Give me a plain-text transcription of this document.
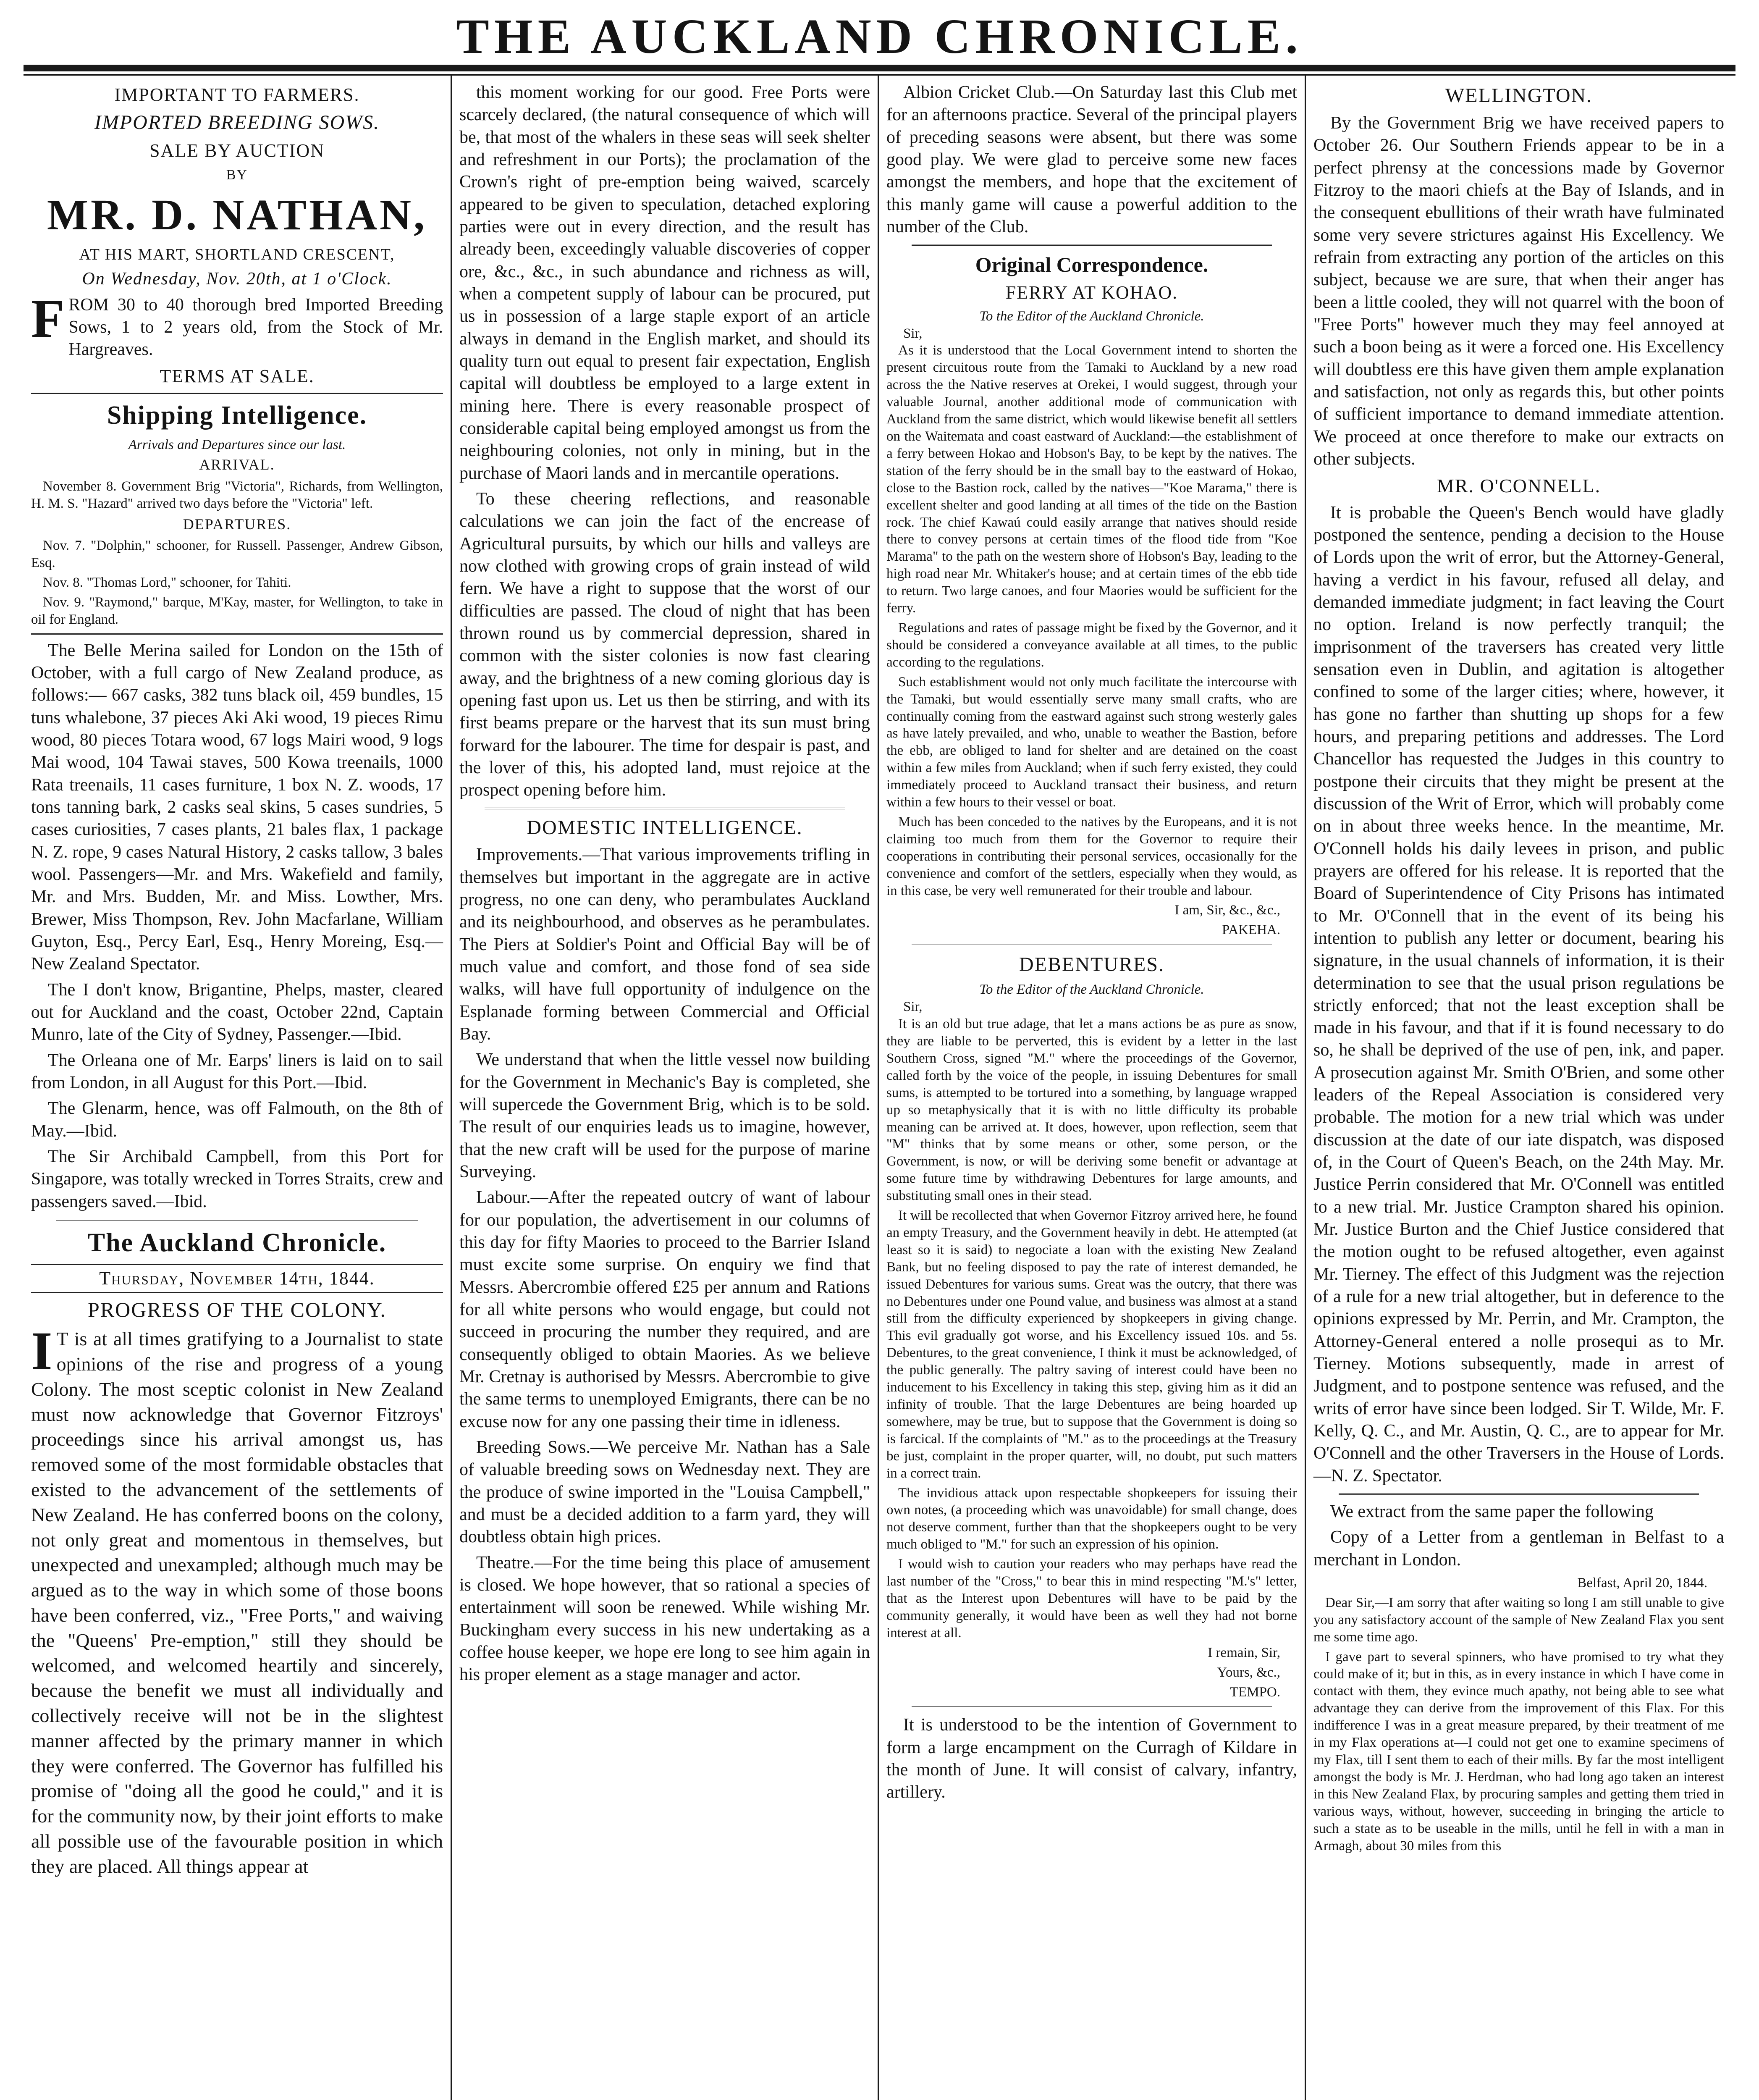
THE AUCKLAND CHRONICLE.
IMPORTANT TO FARMERS.
IMPORTED BREEDING SOWS.
SALE BY AUCTION
BY
MR. D. NATHAN,
AT HIS MART, SHORTLAND CRESCENT,
On Wednesday, Nov. 20th, at 1 o'Clock.

FROM 30 to 40 thorough bred Imported Breeding Sows, 1 to 2 years old, from the Stock of Mr. Hargreaves.

TERMS AT SALE.
Shipping Intelligence.
Arrivals and Departures since our last.
ARRIVAL.

November 8. Government Brig "Victoria", Richards, from Wellington, H. M. S. "Hazard" arrived two days before the "Victoria" left.

DEPARTURES.

Nov. 7. "Dolphin," schooner, for Russell. Passenger, Andrew Gibson, Esq.

Nov. 8. "Thomas Lord," schooner, for Tahiti.

Nov. 9. "Raymond," barque, M'Kay, master, for Wellington, to take in oil for England.

The Belle Merina sailed for London on the 15th of October, with a full cargo of New Zealand produce, as follows:— 667 casks, 382 tuns black oil, 459 bundles, 15 tuns whalebone, 37 pieces Aki Aki wood, 19 pieces Rimu wood, 80 pieces Totara wood, 67 logs Mairi wood, 9 logs Mai wood, 104 Tawai staves, 500 Kowa treenails, 1000 Rata treenails, 11 cases furniture, 1 box N. Z. woods, 17 tons tanning bark, 2 casks seal skins, 5 cases sundries, 5 cases curiosities, 7 cases plants, 21 bales flax, 1 package N. Z. rope, 9 cases Natural History, 2 casks tallow, 3 bales wool. Passengers—Mr. and Mrs. Wakefield and family, Mr. and Mrs. Budden, Mr. and Miss. Lowther, Mrs. Brewer, Miss Thompson, Rev. John Macfarlane, William Guyton, Esq., Percy Earl, Esq., Henry Moreing, Esq.—New Zealand Spectator.

The I don't know, Brigantine, Phelps, master, cleared out for Auckland and the coast, October 22nd, Captain Munro, late of the City of Sydney, Passenger.—Ibid.

The Orleana one of Mr. Earps' liners is laid on to sail from London, in all August for this Port.—Ibid.

The Glenarm, hence, was off Falmouth, on the 8th of May.—Ibid.

The Sir Archibald Campbell, from this Port for Singapore, was totally wrecked in Torres Straits, crew and passengers saved.—Ibid.

The Auckland Chronicle.
Thursday, November 14th, 1844.
PROGRESS OF THE COLONY.

I T is at all times gratifying to a Journalist to state opinions of the rise and progress of a young Colony. The most sceptic colonist in New Zealand must now acknowledge that Governor Fitzroys' proceedings since his arrival amongst us, has removed some of the most formidable obstacles that existed to the advancement of the settlements of New Zealand. He has conferred boons on the colony, not only great and momentous in themselves, but unexpected and unexampled; although much may be argued as to the way in which some of those boons have been conferred, viz., "Free Ports," and waiving the "Queens' Pre-emption," still they should be welcomed, and welcomed heartily and sincerely, because the benefit we must all individually and collectively receive will not be in the slightest manner affected by the primary manner in which they were conferred. The Governor has fulfilled his promise of "doing all the good he could," and it is for the community now, by their joint efforts to make all possible use of the favourable position in which they are placed. All things appear at

this moment working for our good. Free Ports were scarcely declared, (the natural consequence of which will be, that most of the whalers in these seas will seek shelter and refreshment in our Ports); the proclamation of the Crown's right of pre-emption being waived, scarcely appeared to be given to speculation, detached exploring parties were out in every direction, and the result has already been, exceedingly valuable discoveries of copper ore, &c., &c., in such abundance and richness as will, when a competent supply of labour can be procured, put us in possession of a large staple export of an article always in demand in the English market, and should its quality turn out equal to present fair expectation, English capital will doubtless be employed to a large extent in mining here. There is every reasonable prospect of considerable capital being employed amongst us from the neighbouring colonies, not only in mining, but in the purchase of Maori lands and in mercantile operations.

To these cheering reflections, and reasonable calculations we can join the fact of the encrease of Agricultural pursuits, by which our hills and valleys are now clothed with growing crops of grain instead of wild fern. We have a right to suppose that the worst of our difficulties are passed. The cloud of night that has been thrown round us by commercial depression, shared in common with the sister colonies is now fast clearing away, and the brightness of a new coming glorious day is opening fast upon us. Let us then be stirring, and with its first beams prepare or the harvest that its sun must bring forward for the labourer. The time for despair is past, and the lover of this, his adopted land, must rejoice at the prospect opening before him.

DOMESTIC INTELLIGENCE.

Improvements.—That various improvements trifling in themselves but important in the aggregate are in active progress, no one can deny, who perambulates Auckland and its neighbourhood, and observes as he perambulates. The Piers at Soldier's Point and Official Bay will be of much value and comfort, and those fond of sea side walks, will have full opportunity of indulgence on the Esplanade forming between Commercial and Official Bay.

We understand that when the little vessel now building for the Government in Mechanic's Bay is completed, she will supercede the Government Brig, which is to be sold. The result of our enquiries leads us to imagine, however, that the new craft will be used for the purpose of marine Surveying.

Labour.—After the repeated outcry of want of labour for our population, the advertisement in our columns of this day for fifty Maories to proceed to the Barrier Island must excite some surprise. On enquiry we find that Messrs. Abercrombie offered £25 per annum and Rations for all white persons who would engage, but could not succeed in procuring the number they required, and are consequently obliged to obtain Maories. As we believe Mr. Cretnay is authorised by Messrs. Abercrombie to give the same terms to unemployed Emigrants, there can be no excuse now for any one passing their time in idleness.

Breeding Sows.—We perceive Mr. Nathan has a Sale of valuable breeding sows on Wednesday next. They are the produce of swine imported in the "Louisa Campbell," and must be a decided addition to a farm yard, they will doubtless obtain high prices.

Theatre.—For the time being this place of amusement is closed. We hope however, that so rational a species of entertainment will soon be renewed. While wishing Mr. Buckingham every success in his new undertaking as a coffee house keeper, we hope ere long to see him again in his proper element as a stage manager and actor.

Albion Cricket Club.—On Saturday last this Club met for an afternoons practice. Several of the principal players of preceding seasons were absent, but there was some good play. We were glad to perceive some new faces amongst the members, and hope that the excitement of this manly game will cause a powerful addition to the number of the Club.

Original Correspondence.
FERRY AT KOHAO.
To the Editor of the Auckland Chronicle.
Sir,

As it is understood that the Local Government intend to shorten the present circuitous route from the Tamaki to Auckland by a new road across the the Native reserves at Orekei, I would suggest, through your valuable Journal, another additional mode of communication with Auckland from the same district, which would likewise benefit all settlers on the Waitemata and coast eastward of Auckland:—the establishment of a ferry between Hokao and Hobson's Bay, to be kept by the natives. The station of the ferry should be in the small bay to the eastward of Hokao, close to the Bastion rock, called by the natives—"Koe Marama," there is excellent shelter and good landing at all times of the tide on the Bastion rock. The chief Kawaú could easily arrange that natives should reside there to convey persons at certain times of the flood tide from "Koe Marama" to the path on the western shore of Hobson's Bay, leading to the high road near Mr. Whitaker's house; and at certain times of the ebb tide to return. Two large canoes, and four Maories would be sufficient for the ferry.

Regulations and rates of passage might be fixed by the Governor, and it should be considered a conveyance available at all times, to the public according to the regulations.

Such establishment would not only much facilitate the intercourse with the Tamaki, but would essentially serve many small crafts, who are continually coming from the eastward against such strong westerly gales as have lately prevailed, and who, unable to weather the Bastion, before the ebb, are obliged to land for shelter and are detained on the coast within a few miles from Auckland; when if such ferry existed, they could immediately proceed to Auckland transact their business, and return within a few hours to their vessel or boat.

Much has been conceded to the natives by the Europeans, and it is not claiming too much from them for the Governor to require their cooperations in contributing their personal services, occasionally for the convenience and comfort of the settlers, especially when they would, as in this case, be very well remunerated for their trouble and labour.

I am, Sir, &c., &c.,

PAKEHA.

DEBENTURES.
To the Editor of the Auckland Chronicle.
Sir,

It is an old but true adage, that let a mans actions be as pure as snow, they are liable to be perverted, this is evident by a letter in the last Southern Cross, signed "M." where the proceedings of the Governor, called forth by the voice of the people, in issuing Debentures for small sums, is attempted to be tortured into a something, by language wrapped up so metaphysically that it is with no little difficulty its probable meaning can be arrived at. It does, however, upon reflection, seem that "M" thinks that by some means or other, some person, or the Government, is now, or will be deriving some benefit or advantage at some future time by withdrawing Debentures for large amounts, and substituting small ones in their stead.

It will be recollected that when Governor Fitzroy arrived here, he found an empty Treasury, and the Government heavily in debt. He attempted (at least so it is said) to negociate a loan with the existing New Zealand Bank, but no feeling disposed to pay the rate of interest demanded, he issued Debentures for various sums. Great was the outcry, that there was no Debentures under one Pound value, and business was almost at a stand still from the difficulty experienced by shopkeepers in giving change. This evil gradually got worse, and his Excellency issued 10s. and 5s. Debentures, to the great convenience, I think it must be acknowledged, of the public generally. The paltry saving of interest could have been no inducement to his Excellency in taking this step, giving him as it did an infinity of trouble. That the large Debentures are being hoarded up somewhere, may be true, but to suppose that the Government is doing so is farcical. If the complaints of "M." as to the proceedings at the Treasury be just, complaint in the proper quarter, will, no doubt, put such matters in a correct train.

The invidious attack upon respectable shopkeepers for issuing their own notes, (a proceeding which was unavoidable) for small change, does not deserve comment, further than that the shopkeepers ought to be very much obliged to "M." for such an expression of his opinion.

I would wish to caution your readers who may perhaps have read the last number of the "Cross," to bear this in mind respecting "M.'s" letter, that as the Interest upon Debentures will have to be paid by the community generally, it would have been as well they had not borne interest at all.

I remain, Sir,

Yours, &c.,

TEMPO.

It is understood to be the intention of Government to form a large encampment on the Curragh of Kildare in the month of June. It will consist of calvary, infantry, artillery.

WELLINGTON.

By the Government Brig we have received papers to October 26. Our Southern Friends appear to be in a perfect phrensy at the concessions made by Governor Fitzroy to the maori chiefs at the Bay of Islands, and in the consequent ebullitions of their wrath have fulminated some very severe strictures against His Excellency. We refrain from extracting any portion of the articles on this subject, because we are sure, that when their anger has been a little cooled, they will not quarrel with the boon of "Free Ports" however much they may feel annoyed at such a boon being as it were a forced one. His Excellency will doubtless ere this have given them ample explanation and satisfaction, not only as regards this, but other points of sufficient importance to demand immediate attention. We proceed at once therefore to make our extracts on other subjects.

MR. O'CONNELL.

It is probable the Queen's Bench would have gladly postponed the sentence, pending a decision to the House of Lords upon the writ of error, but the Attorney-General, having a verdict in his favour, refused all delay, and demanded immediate judgment; in fact leaving the Court no option. Ireland is now perfectly tranquil; the imprisonment of the traversers has created very little sensation even in Dublin, and agitation is altogether confined to some of the larger cities; where, however, it has gone no farther than shutting up shops for a few hours, and preparing petitions and addresses. The Lord Chancellor has requested the Judges in this country to postpone their circuits that they might be present at the discussion of the Writ of Error, which will probably come on in about three weeks hence. In the meantime, Mr. O'Connell holds his daily levees in prison, and public prayers are offered for his release. It is reported that the Board of Superintendence of City Prisons has intimated to Mr. O'Connell that in the event of its being his intention to publish any letter or document, bearing his signature, in the usual channels of information, it is their determination to see that the usual prison regulations be strictly enforced; that not the least exception shall be made in his favour, and that if it is found necessary to do so, he shall be deprived of the use of pen, ink, and paper. A prosecution against Mr. Smith O'Brien, and some other leaders of the Repeal Association is considered very probable. The motion for a new trial which was under discussion at the date of our iate dispatch, was disposed of, in the Court of Queen's Beach, on the 24th May. Mr. Justice Perrin considered that Mr. O'Connell was entitled to a new trial. Mr. Justice Crampton shared his opinion. Mr. Justice Burton and the Chief Justice considered that the motion ought to be refused altogether, even against Mr. Tierney. The effect of this Judgment was the rejection of a rule for a new trial altogether, but in deference to the opinions expressed by Mr. Perrin, and Mr. Crampton, the Attorney-General entered a nolle prosequi as to Mr. Tierney. Motions subsequently, made in arrest of Judgment, and to postpone sentence was refused, and the writs of error have since been lodged. Sir T. Wilde, Mr. F. Kelly, Q. C., and Mr. Austin, Q. C., are to appear for Mr. O'Connell and the other Traversers in the House of Lords.—N. Z. Spectator.

We extract from the same paper the following

Copy of a Letter from a gentleman in Belfast to a merchant in London.

Belfast, April 20, 1844.

Dear Sir,—I am sorry that after waiting so long I am still unable to give you any satisfactory account of the sample of New Zealand Flax you sent me some time ago.

I gave part to several spinners, who have promised to try what they could make of it; but in this, as in every instance in which I have come in contact with them, they evince much apathy, not being able to see what advantage they can derive from the improvement of this Flax. For this indifference I was in a great measure prepared, by their treatment of me in my Flax operations at—I could not get one to examine specimens of my Flax, till I sent them to each of their mills. By far the most intelligent amongst the body is Mr. J. Herdman, who had long ago taken an interest in this New Zealand Flax, by procuring samples and getting them tried in various ways, without, however, succeeding in bringing the article to such a state as to be useable in the mills, until he fell in with a man in Armagh, about 30 miles from this
